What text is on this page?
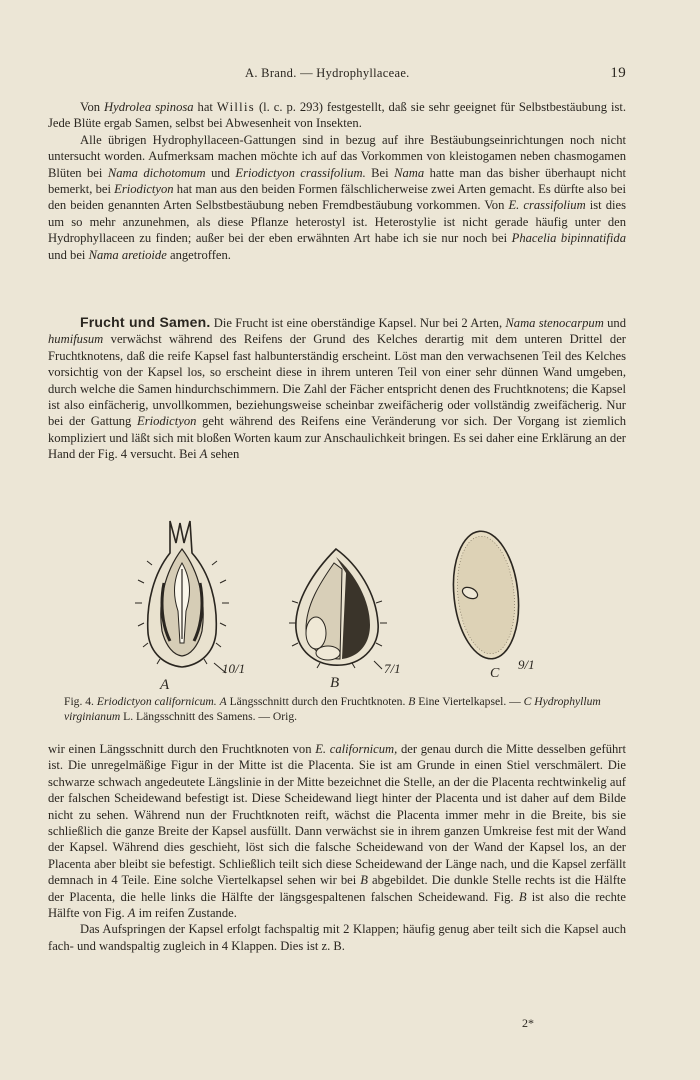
A. Brand. — Hydrophyllaceae.	19

Von Hydrolea spinosa hat Willis (l. c. p. 293) festgestellt, daß sie sehr geeignet für Selbstbestäubung ist. Jede Blüte ergab Samen, selbst bei Abwesenheit von Insekten.

Alle übrigen Hydrophyllaceen-Gattungen sind in bezug auf ihre Bestäubungseinrichtungen noch nicht untersucht worden. Aufmerksam machen möchte ich auf das Vorkommen von kleistogamen neben chasmogamen Blüten bei Nama dichotomum und Eriodictyon crassifolium. Bei Nama hatte man das bisher überhaupt nicht bemerkt, bei Eriodictyon hat man aus den beiden Formen fälschlicherweise zwei Arten gemacht. Es dürfte also bei den beiden genannten Arten Selbstbestäubung neben Fremdbestäubung vorkommen. Von E. crassifolium ist dies um so mehr anzunehmen, als diese Pflanze heterostyl ist. Heterostylie ist nicht gerade häufig unter den Hydrophyllaceen zu finden; außer bei der eben erwähnten Art habe ich sie nur noch bei Phacelia bipinnatifida und bei Nama aretioide angetroffen.

Frucht und Samen. Die Frucht ist eine oberständige Kapsel. Nur bei 2 Arten, Nama stenocarpum und humifusum verwächst während des Reifens der Grund des Kelches derartig mit dem unteren Drittel der Fruchtknotens, daß die reife Kapsel fast halbunterständig erscheint. Löst man den verwachsenen Teil des Kelches vorsichtig von der Kapsel los, so erscheint diese in ihrem unteren Teil von einer sehr dünnen Wand umgeben, durch welche die Samen hindurchschimmern. Die Zahl der Fächer entspricht denen des Fruchtknotens; die Kapsel ist also einfächerig, unvollkommen, beziehungsweise scheinbar zweifächerig oder vollständig zweifächerig. Nur bei der Gattung Eriodictyon geht während des Reifens eine Veränderung vor sich. Der Vorgang ist ziemlich kompliziert und läßt sich mit bloßen Worten kaum zur Anschaulichkeit bringen. Es sei daher eine Erklärung an der Hand der Fig. 4 versucht. Bei A sehen

A
10/1
B
7/1	C
9/1
Fig. 4. Eriodictyon californicum. A Längsschnitt durch den Fruchtknoten. B Eine Viertelkapsel. — C Hydrophyllum virginianum L. Längsschnitt des Samens. — Orig.

wir einen Längsschnitt durch den Fruchtknoten von E. californicum, der genau durch die Mitte desselben geführt ist. Die unregelmäßige Figur in der Mitte ist die Placenta. Sie ist am Grunde in einen Stiel verschmälert. Die schwarze schwach angedeutete Längslinie in der Mitte bezeichnet die Stelle, an der die Placenta rechtwinkelig auf der falschen Scheidewand befestigt ist. Diese Scheidewand liegt hinter der Placenta und ist daher auf dem Bilde nicht zu sehen. Während nun der Fruchtknoten reift, wächst die Placenta immer mehr in die Breite, bis sie schließlich die ganze Breite der Kapsel ausfüllt. Dann verwächst sie in ihrem ganzen Umkreise fest mit der Wand der Kapsel. Während dies geschieht, löst sich die falsche Scheidewand von der Wand der Kapsel los, an der Placenta aber bleibt sie befestigt. Schließlich teilt sich diese Scheidewand der Länge nach, und die Kapsel zerfällt demnach in 4 Teile. Eine solche Viertelkapsel sehen wir bei B abgebildet. Die dunkle Stelle rechts ist die Hälfte der Placenta, die helle links die Hälfte der längsgespaltenen falschen Scheidewand. Fig. B ist also die rechte Hälfte von Fig. A im reifen Zustande.

Das Aufspringen der Kapsel erfolgt fachspaltig mit 2 Klappen; häufig genug aber teilt sich die Kapsel auch fach- und wandspaltig zugleich in 4 Klappen. Dies ist z. B.

2*
